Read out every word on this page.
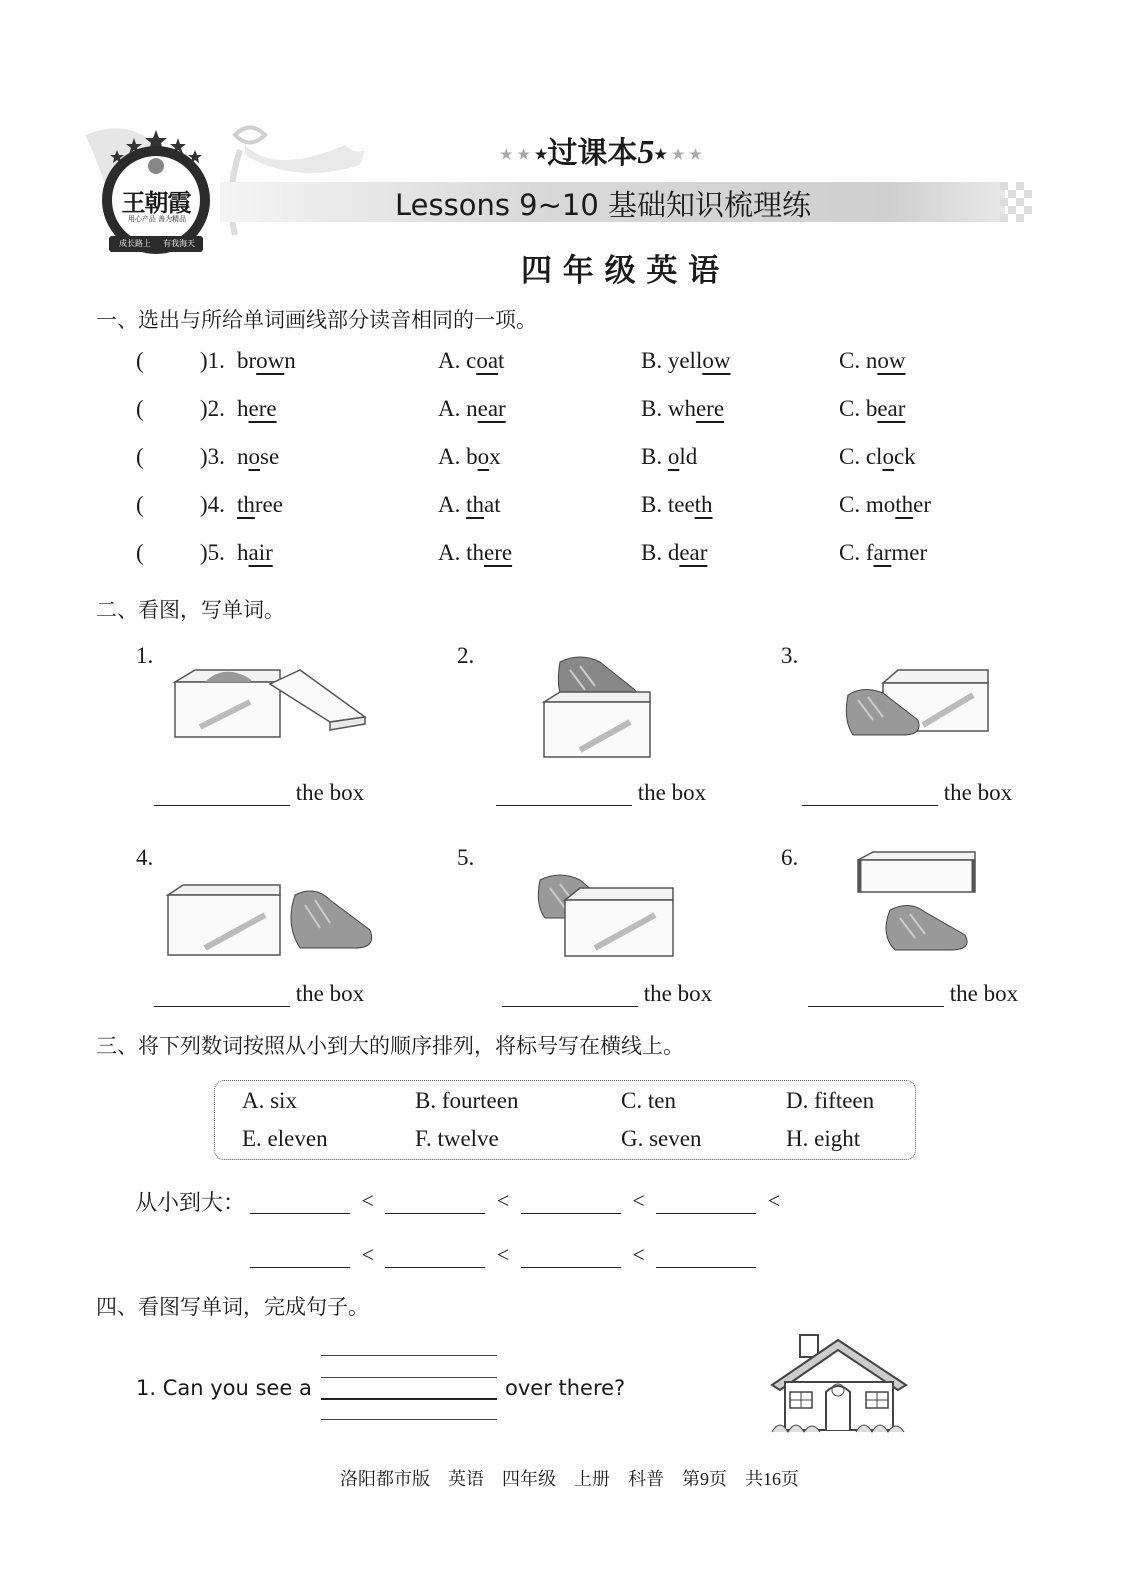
王朝霞
用心产品 善为精品
成长路上	有我海天
★ ★ ★过课本5★ ★ ★
Lessons 9~10 基础知识梳理练
四 年 级 英 语
一、选出与所给单词画线部分读音相同的一项。
( )1. brown	A. coat	B. yellow	C. now
( )2. here	A. near	B. where	C. bear
( )3. nose	A. box	B. old	C. clock
( )4. three	A. that	B. teeth	C. mother
( )5. hair	A. there	B. dear	C. farmer
二、看图，写单词。
1.	2.	3.
4.	5.	6.
the box	the box	the box
the box	the box	the box
三、将下列数词按照从小到大的顺序排列，将标号写在横线上。
A. six	B. fourteen	C. ten	D. fifteen
E. eleven	F. twelve	G. seven	H. eight
从小到大：	<	<	<	<
<	<	<
四、看图写单词，完成句子。
1. Can you see a	over there?
洛阳都市版　英语　四年级　上册　科普　第9页　共16页
